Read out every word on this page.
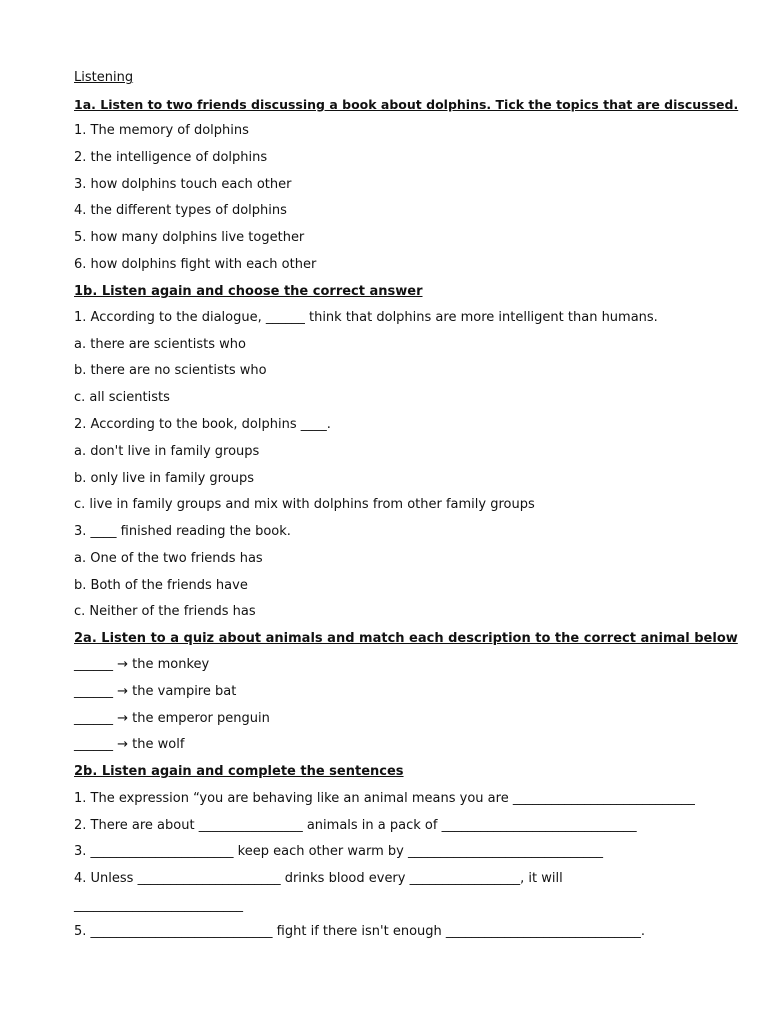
Listening
1a. Listen to two friends discussing a book about dolphins. Tick the topics that are discussed.
1. The memory of dolphins
2. the intelligence of dolphins
3. how dolphins touch each other
4. the different types of dolphins
5. how many dolphins live together
6. how dolphins fight with each other
1b. Listen again and choose the correct answer
1. According to the dialogue, ______ think that dolphins are more intelligent than humans.
a. there are scientists who
b. there are no scientists who
c. all scientists
2. According to the book, dolphins ____.
a. don't live in family groups
b. only live in family groups
c. live in family groups and mix with dolphins from other family groups
3. ____ finished reading the book.
a. One of the two friends has
b. Both of the friends have
c. Neither of the friends has
2a. Listen to a quiz about animals and match each description to the correct animal below
______ → the monkey
______ → the vampire bat
______ → the emperor penguin
______ → the wolf
2b. Listen again and complete the sentences
1. The expression “you are behaving like an animal means you are ____________________________
2. There are about ________________ animals in a pack of ______________________________
3. ______________________ keep each other warm by ______________________________
4. Unless ______________________ drinks blood every _________________, it will
__________________________
5. ____________________________ fight if there isn't enough ______________________________.
